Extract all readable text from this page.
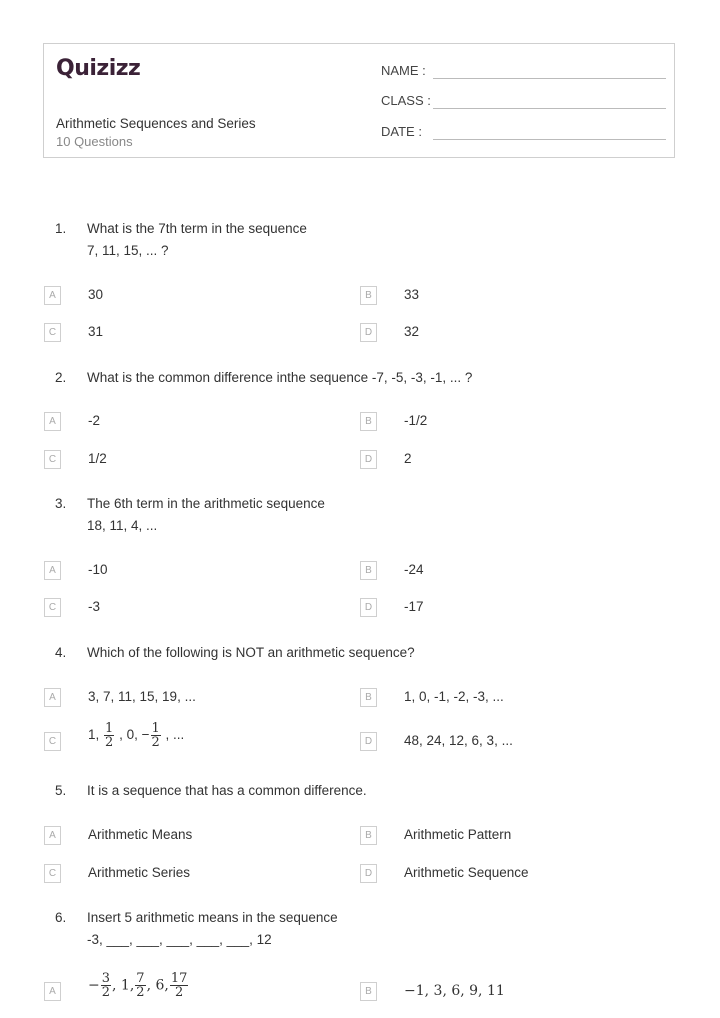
Quizizz
Arithmetic Sequences and Series
10 Questions
NAME :
CLASS :
DATE :
1. What is the 7th term in the sequence
7, 11, 15, ... ?
A	30	B	33
C	31	D	32
2. What is the common difference inthe sequence -7, -5, -3, -1, ... ?
A	-2	B	-1/2
C	1/2	D	2
3. The 6th term in the arithmetic sequence
18, 11, 4, ...
A	-10	B	-24
C	-3	D	-17
4. Which of the following is NOT an arithmetic sequence?
A	3, 7, 11, 15, 19, ...	B	1, 0, -1, -2, -3, ...
C	1, $\frac{1}{2}$ , 0, − $\frac{1}{2}$ , ...	D	48, 24, 12, 6, 3, ...
5. It is a sequence that has a common difference.
A	Arithmetic Means	B	Arithmetic Pattern
C	Arithmetic Series	D	Arithmetic Sequence
6. Insert 5 arithmetic means in the sequence
-3, ___, ___, ___, ___, ___, 12
A	− $\frac{3}{2}$ , 1, $\frac{7}{2}$ , 6, $\frac{17}{2}$	B	−1, 3, 6, 9, 11
